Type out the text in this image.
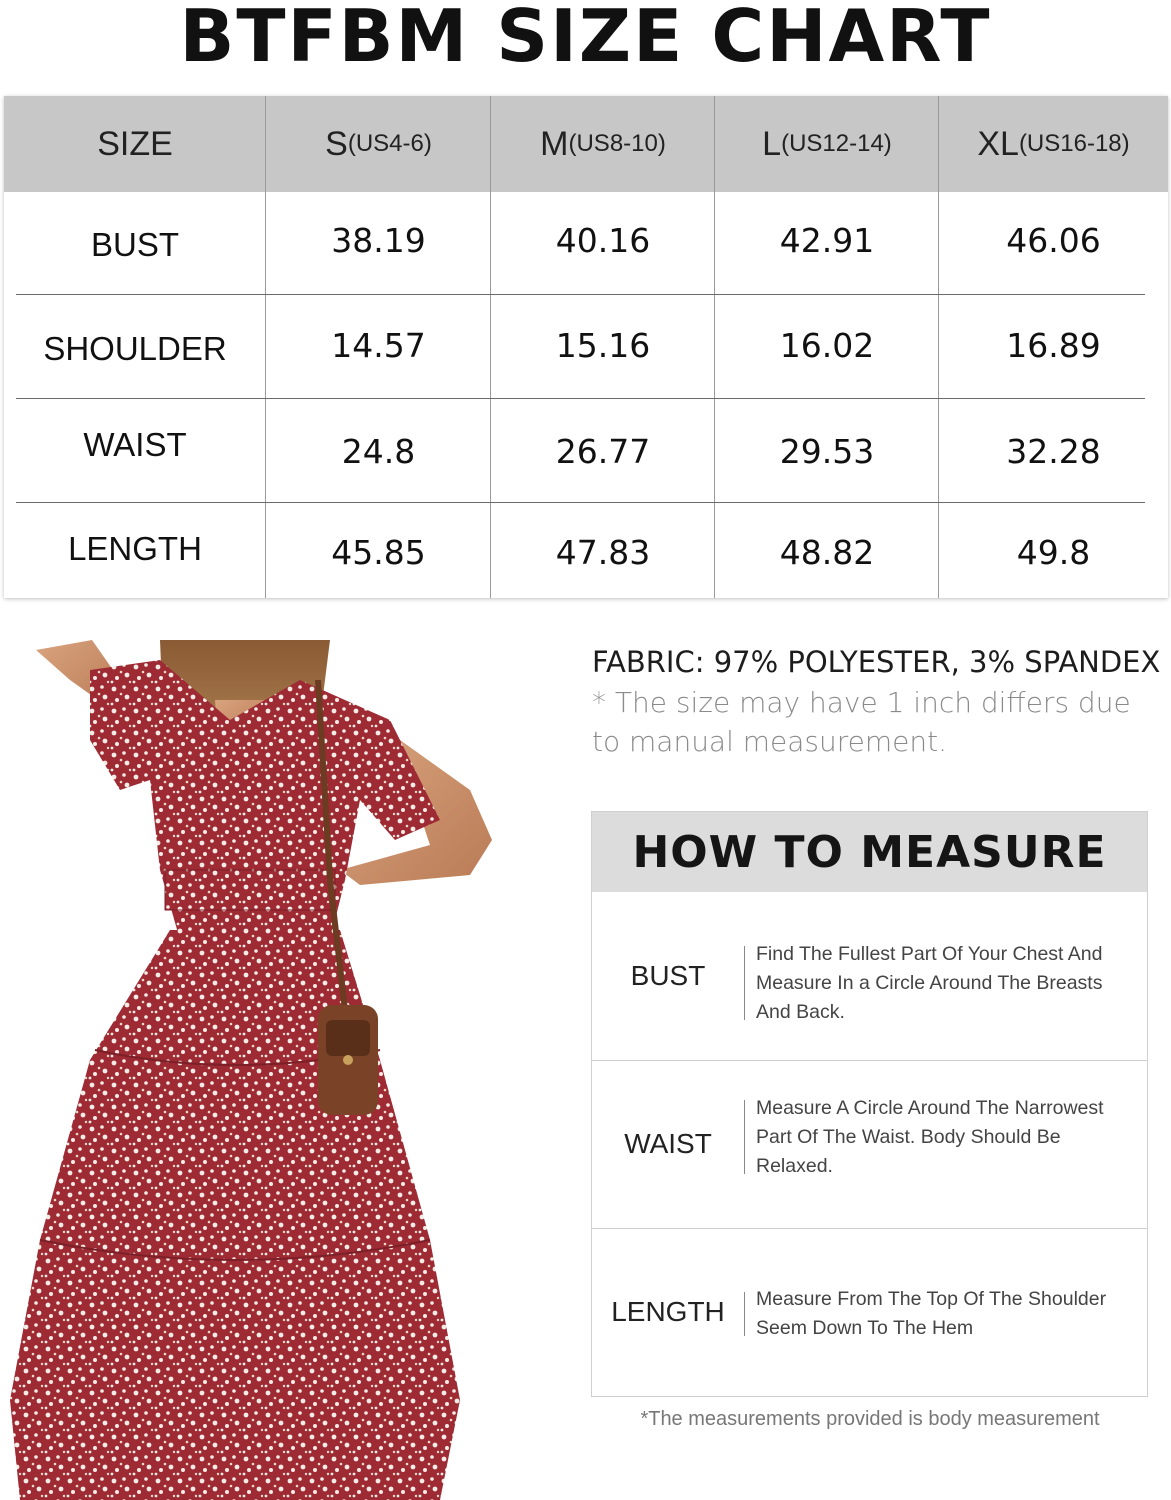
BTFBM SIZE CHART
SIZE	S (US4-6)	M (US8-10)	L (US12-14)	XL (US16-18)
BUST	38.19	40.16	42.91	46.06
SHOULDER	14.57	15.16	16.02	16.89
WAIST	24.8	26.77	29.53	32.28
LENGTH	45.85	47.83	48.82	49.8

FABRIC: 97% POLYESTER, 3% SPANDEX

* The size may have 1 inch differs due to manual measurement.

HOW TO MEASURE
BUST

Find The Fullest Part Of Your Chest And Measure In a Circle Around The Breasts And Back.

WAIST

Measure A Circle Around The Narrowest Part Of The Waist. Body Should Be Relaxed.

LENGTH	Measure From The Top Of The Shoulder Seem Down To The Hem

*The measurements provided is body measurement
